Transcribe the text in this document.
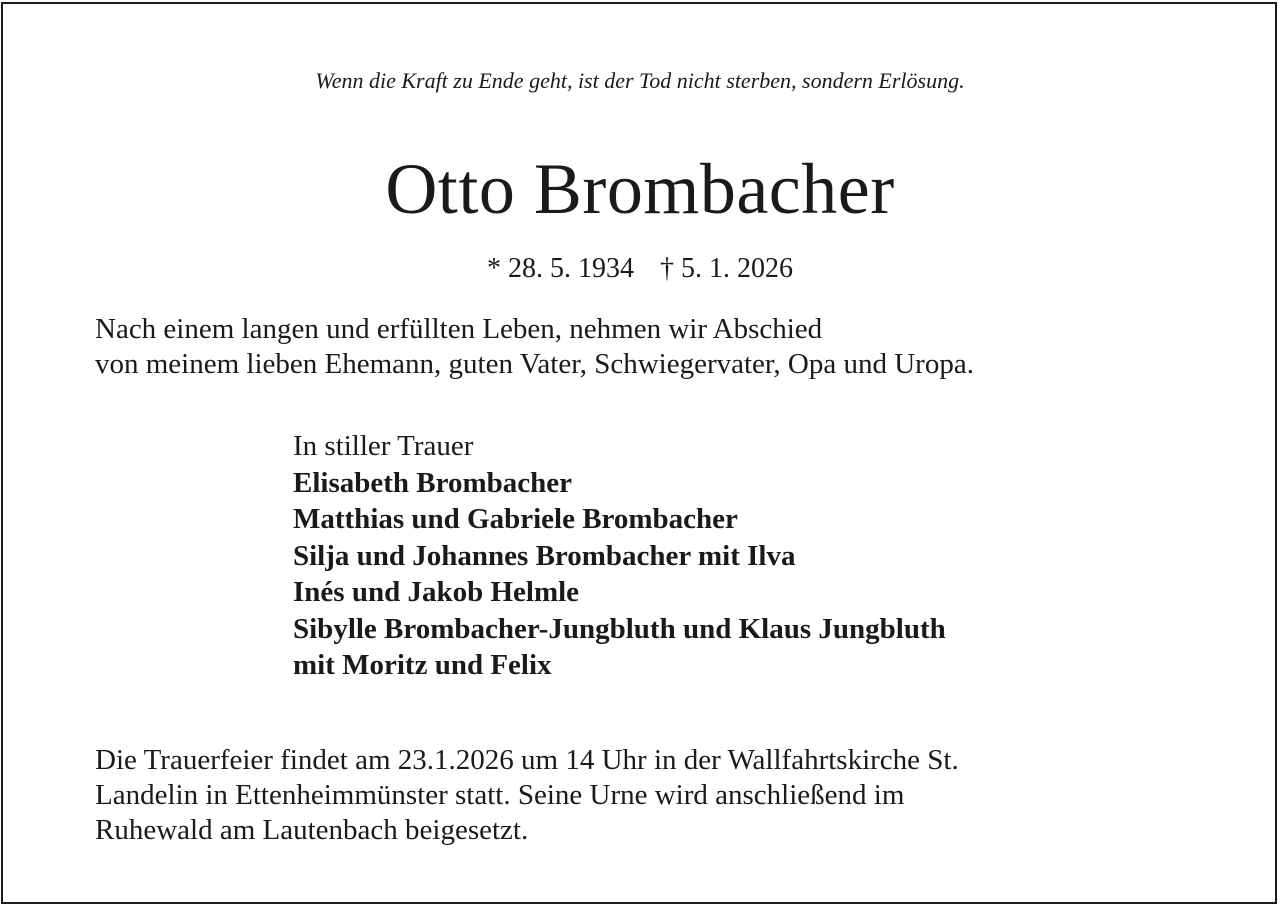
Wenn die Kraft zu Ende geht, ist der Tod nicht sterben, sondern Erlösung.
Otto Brombacher
* 28. 5. 1934 † 5. 1. 2026
Nach einem langen und erfüllten Leben, nehmen wir Abschied
von meinem lieben Ehemann, guten Vater, Schwiegervater, Opa und Uropa.
In stiller Trauer
Elisabeth Brombacher
Matthias und Gabriele Brombacher
Silja und Johannes Brombacher mit Ilva
Inés und Jakob Helmle
Sibylle Brombacher-Jungbluth und Klaus Jungbluth
mit Moritz und Felix
Die Trauerfeier findet am 23.1.2026 um 14 Uhr in der Wallfahrtskirche St.
Landelin in Ettenheimmünster statt. Seine Urne wird anschließend im
Ruhewald am Lautenbach beigesetzt.
